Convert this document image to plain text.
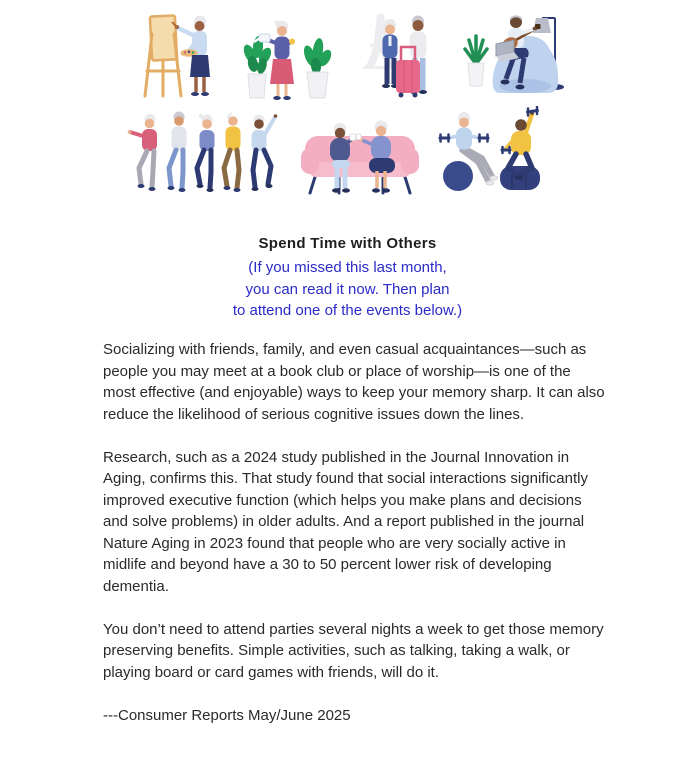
Spend Time with Others
(If you missed this last month,
you can read it now. Then plan
to attend one of the events below.)

Socializing with friends, family, and even casual acquaintances—such as people you may meet at a book club or place of worship—is one of the most effective (and enjoyable) ways to keep your memory sharp. It can also reduce the likelihood of serious cognitive issues down the lines.

Research, such as a 2024 study published in the Journal Innovation in Aging, confirms this. That study found that social interactions significantly improved executive function (which helps you make plans and decisions and solve problems) in older adults. And a report published in the journal Nature Aging in 2023 found that people who are very socially active in midlife and beyond have a 30 to 50 percent lower risk of developing dementia.

You don’t need to attend parties several nights a week to get those memory preserving benefits. Simple activities, such as talking, taking a walk, or playing board or card games with friends, will do it.

---Consumer Reports May/June 2025
